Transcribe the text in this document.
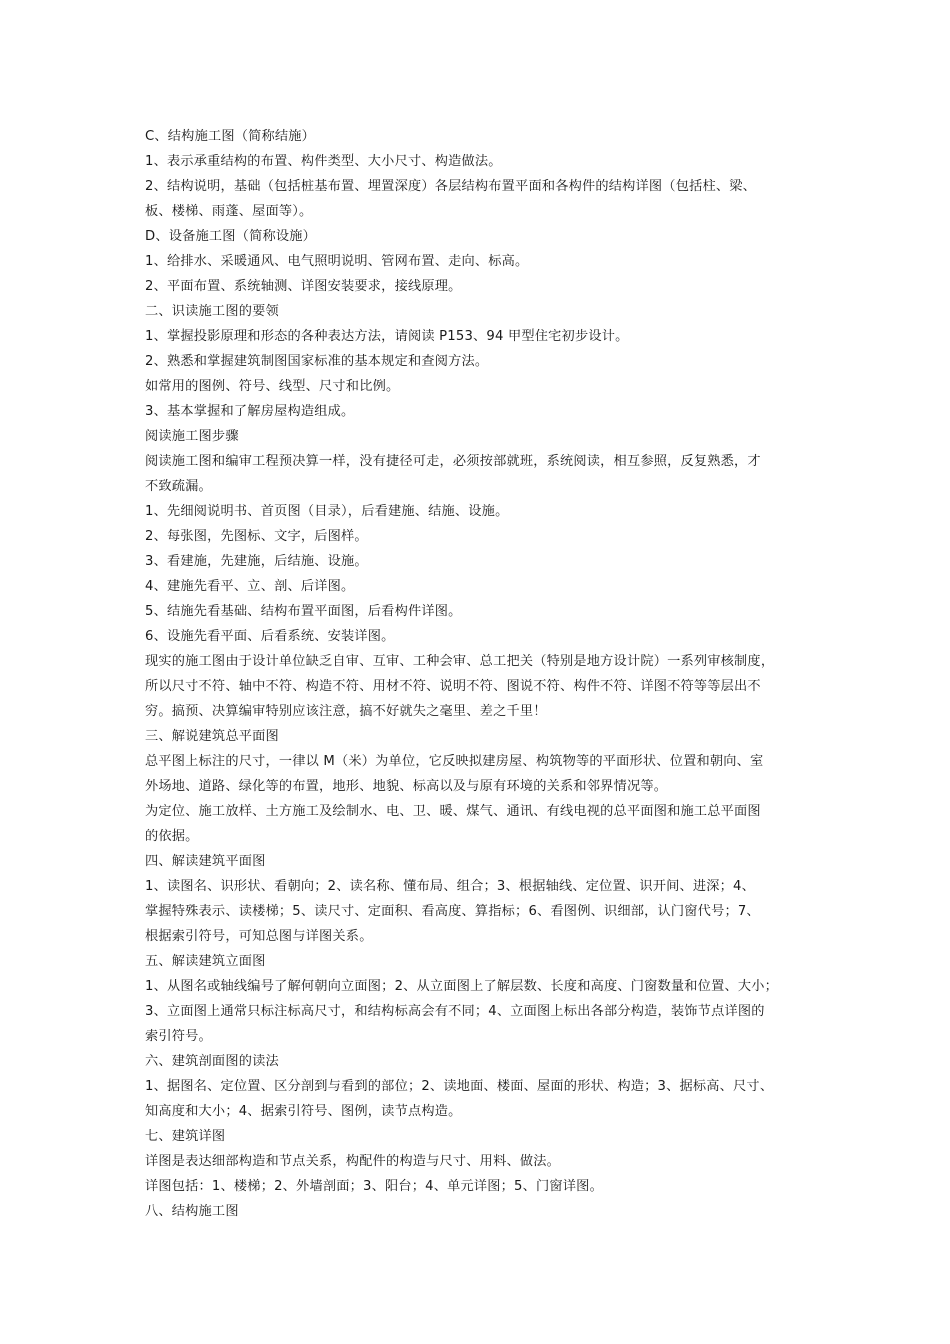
C、结构施工图（简称结施）
1、表示承重结构的布置、构件类型、大小尺寸、构造做法。
2、结构说明，基础（包括桩基布置、埋置深度）各层结构布置平面和各构件的结构详图（包括柱、梁、
板、楼梯、雨蓬、屋面等）。
D、设备施工图（简称设施）
1、给排水、采暖通风、电气照明说明、管网布置、走向、标高。
2、平面布置、系统轴测、详图安装要求，接线原理。
二、识读施工图的要领
1、掌握投影原理和形态的各种表达方法，请阅读 P153、94 甲型住宅初步设计。
2、熟悉和掌握建筑制图国家标准的基本规定和查阅方法。
如常用的图例、符号、线型、尺寸和比例。
3、基本掌握和了解房屋构造组成。
阅读施工图步骤
阅读施工图和编审工程预决算一样，没有捷径可走，必须按部就班，系统阅读，相互参照，反复熟悉，才
不致疏漏。
1、先细阅说明书、首页图（目录），后看建施、结施、设施。
2、每张图，先图标、文字，后图样。
3、看建施，先建施，后结施、设施。
4、建施先看平、立、剖、后详图。
5、结施先看基础、结构布置平面图，后看构件详图。
6、设施先看平面、后看系统、安装详图。
现实的施工图由于设计单位缺乏自审、互审、工种会审、总工把关（特别是地方设计院）一系列审核制度，
所以尺寸不符、轴中不符、构造不符、用材不符、说明不符、图说不符、构件不符、详图不符等等层出不
穷。搞预、决算编审特别应该注意，搞不好就失之毫里、差之千里！
三、解说建筑总平面图
总平图上标注的尺寸，一律以 M（米）为单位，它反映拟建房屋、构筑物等的平面形状、位置和朝向、室
外场地、道路、绿化等的布置，地形、地貌、标高以及与原有环境的关系和邻界情况等。
为定位、施工放样、土方施工及绘制水、电、卫、暖、煤气、通讯、有线电视的总平面图和施工总平面图
的依据。
四、解读建筑平面图
1、读图名、识形状、看朝向；2、读名称、懂布局、组合；3、根据轴线、定位置、识开间、进深；4、
掌握特殊表示、读楼梯；5、读尺寸、定面积、看高度、算指标；6、看图例、识细部，认门窗代号；7、
根据索引符号，可知总图与详图关系。
五、解读建筑立面图
1、从图名或轴线编号了解何朝向立面图；2、从立面图上了解层数、长度和高度、门窗数量和位置、大小；
3、立面图上通常只标注标高尺寸，和结构标高会有不同；4、立面图上标出各部分构造，装饰节点详图的
索引符号。
六、建筑剖面图的读法
1、据图名、定位置、区分剖到与看到的部位；2、读地面、楼面、屋面的形状、构造；3、据标高、尺寸、
知高度和大小；4、据索引符号、图例，读节点构造。
七、建筑详图
详图是表达细部构造和节点关系，构配件的构造与尺寸、用料、做法。
详图包括：1、楼梯；2、外墙剖面；3、阳台；4、单元详图；5、门窗详图。
八、结构施工图
